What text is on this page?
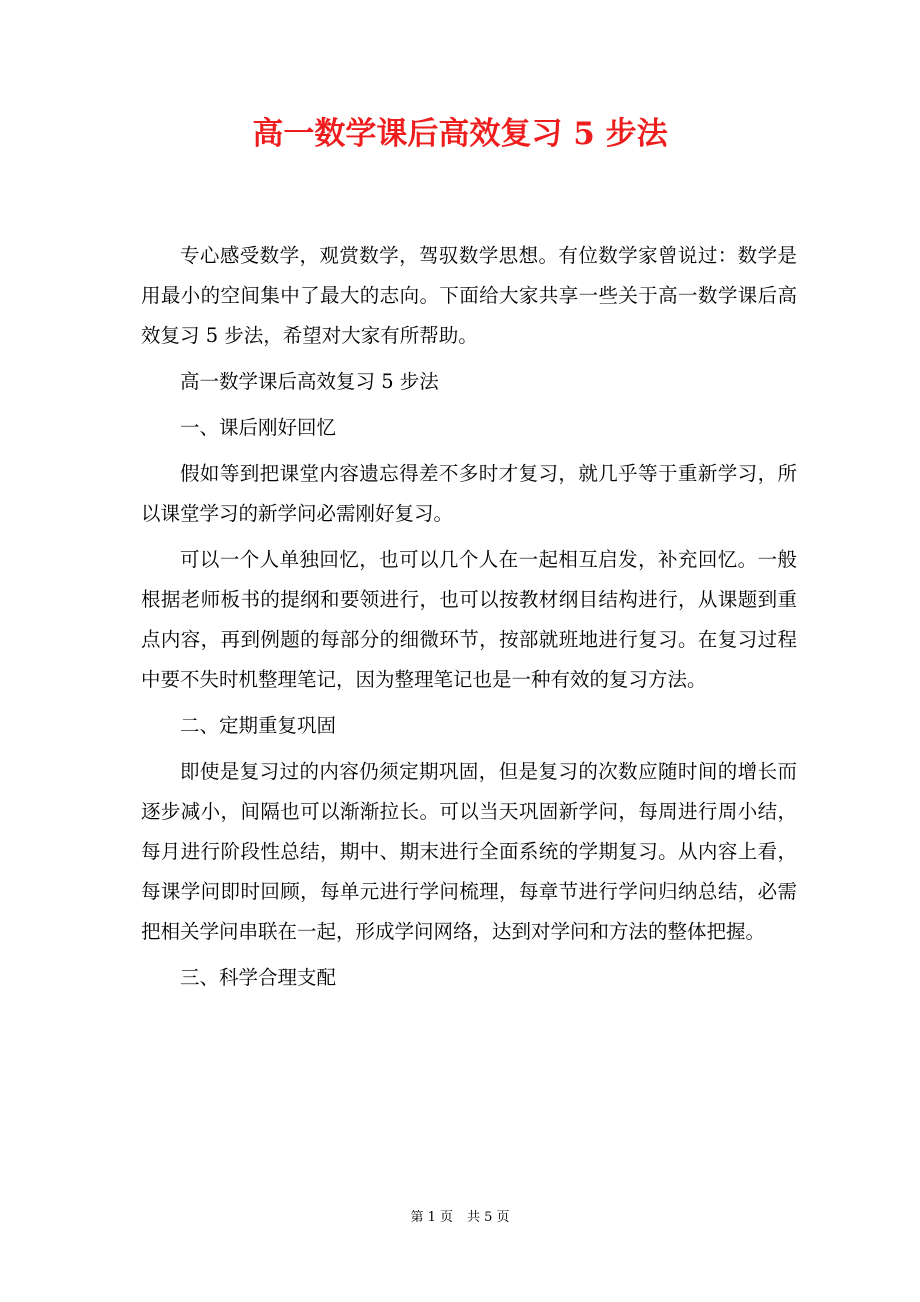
高一数学课后高效复习 5 步法

专心感受数学，观赏数学，驾驭数学思想。有位数学家曾说过：数学是用最小的空间集中了最大的志向。下面给大家共享一些关于高一数学课后高效复习 5 步法，希望对大家有所帮助。

高一数学课后高效复习 5 步法

一、课后刚好回忆

假如等到把课堂内容遗忘得差不多时才复习，就几乎等于重新学习，所以课堂学习的新学问必需刚好复习。

可以一个人单独回忆，也可以几个人在一起相互启发，补充回忆。一般根据老师板书的提纲和要领进行，也可以按教材纲目结构进行，从课题到重点内容，再到例题的每部分的细微环节，按部就班地进行复习。在复习过程中要不失时机整理笔记，因为整理笔记也是一种有效的复习方法。

二、定期重复巩固

即使是复习过的内容仍须定期巩固，但是复习的次数应随时间的增长而逐步减小，间隔也可以渐渐拉长。可以当天巩固新学问，每周进行周小结，每月进行阶段性总结，期中、期末进行全面系统的学期复习。从内容上看，每课学问即时回顾，每单元进行学问梳理，每章节进行学问归纳总结，必需把相关学问串联在一起，形成学问网络，达到对学问和方法的整体把握。

三、科学合理支配

第 1 页 共 5 页
